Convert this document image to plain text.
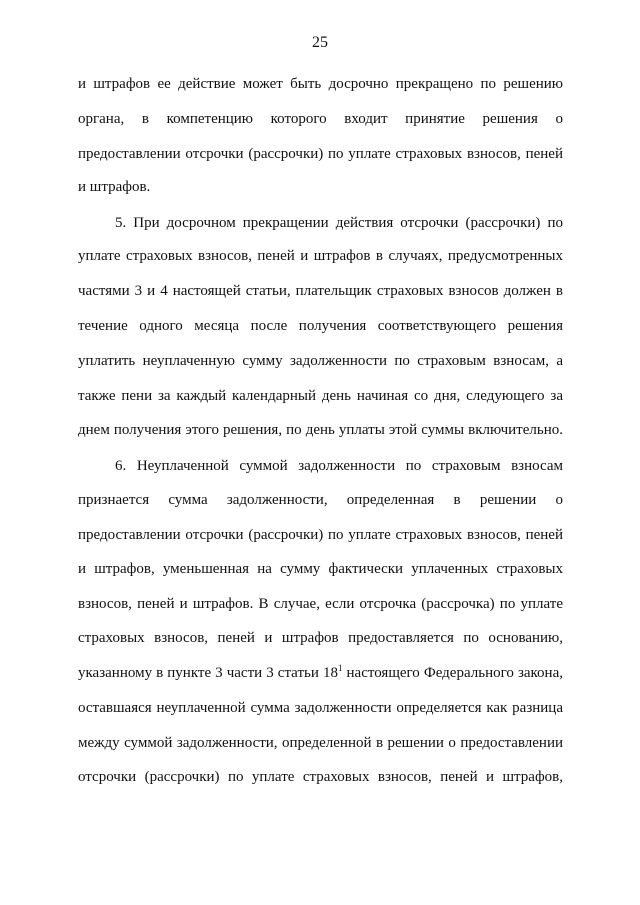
25
и штрафов ее действие может быть досрочно прекращено по решению
органа, в компетенцию которого входит принятие решения о
предоставлении отсрочки (рассрочки) по уплате страховых взносов, пеней
и штрафов.
5. При досрочном прекращении действия отсрочки (рассрочки) по
уплате страховых взносов, пеней и штрафов в случаях, предусмотренных
частями 3 и 4 настоящей статьи, плательщик страховых взносов должен в
течение одного месяца после получения соответствующего решения
уплатить неуплаченную сумму задолженности по страховым взносам, а
также пени за каждый календарный день начиная со дня, следующего за
днем получения этого решения, по день уплаты этой суммы включительно.
6. Неуплаченной суммой задолженности по страховым взносам
признается сумма задолженности, определенная в решении о
предоставлении отсрочки (рассрочки) по уплате страховых взносов, пеней
и штрафов, уменьшенная на сумму фактически уплаченных страховых
взносов, пеней и штрафов. В случае, если отсрочка (рассрочка) по уплате
страховых взносов, пеней и штрафов предоставляется по основанию,
указанному в пункте 3 части 3 статьи $18^1$ настоящего Федерального закона,
оставшаяся неуплаченной сумма задолженности определяется как разница
между суммой задолженности, определенной в решении о предоставлении
отсрочки (рассрочки) по уплате страховых взносов, пеней и штрафов,
